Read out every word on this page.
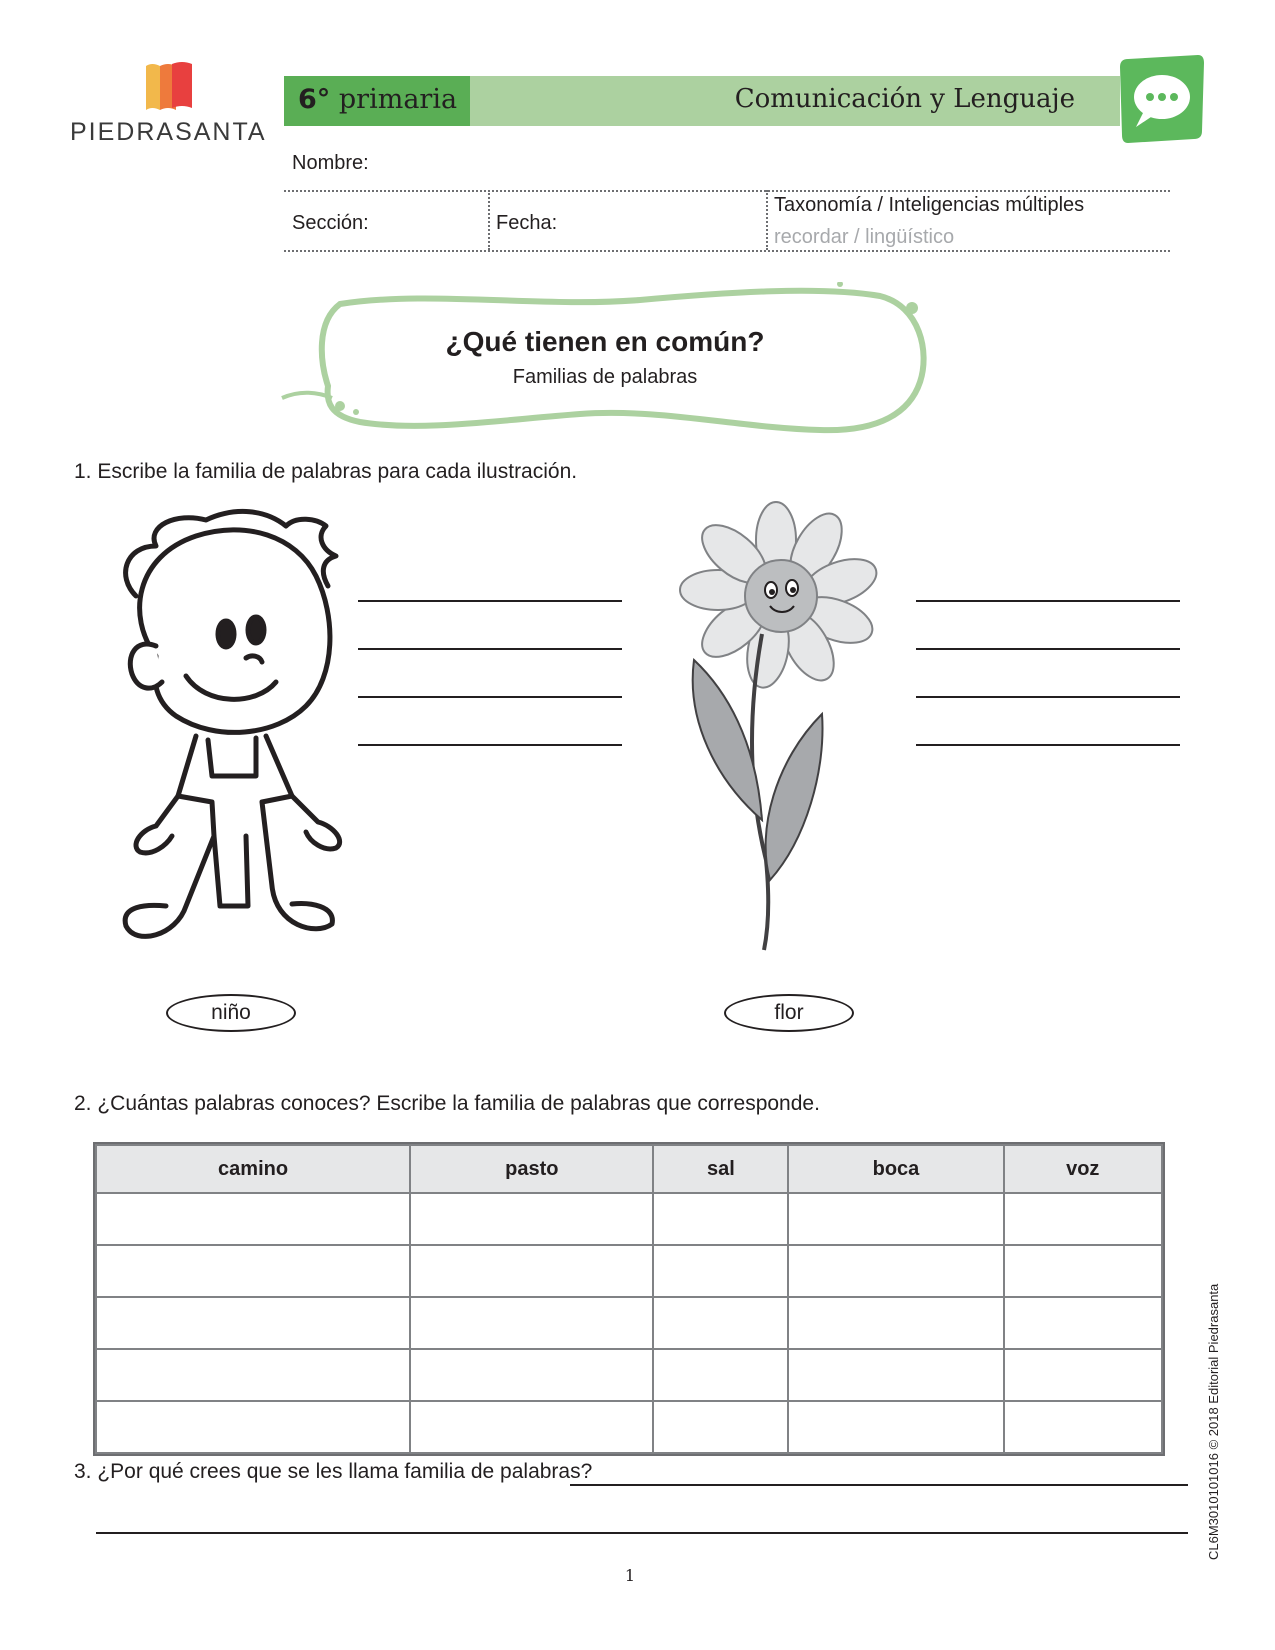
PIEDRASANTA
6° primaria	Comunicación y Lenguaje
Nombre:
Sección:	Fecha:
Taxonomía / Inteligencias múltiples
recordar / lingüístico
¿Qué tienen en común?
Familias de palabras
1. Escribe la familia de palabras para cada ilustración.
niño	flor
2. ¿Cuántas palabras conoces? Escribe la familia de palabras que corresponde.
camino	pasto	sal	boca	voz

3. ¿Por qué crees que se les llama familia de palabras?
1
CL6M3010101016 © 2018 Editorial Piedrasanta
